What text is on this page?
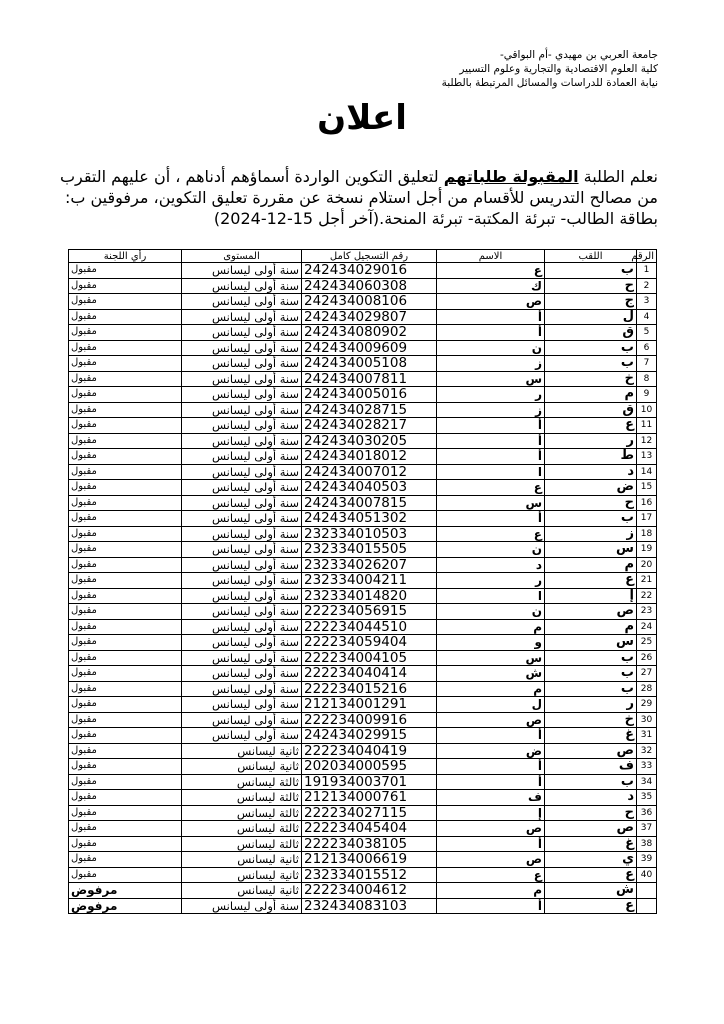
جامعة العربي بن مهيدي -أم البواقي-
كلية العلوم الاقتصادية والتجارية وعلوم التسيير
نيابة العمادة للدراسات والمسائل المرتبطة بالطلبة
اعلان
نعلم الطلبة المقبولة طلباتهم لتعليق التكوين الواردة أسماؤهم أدناهم ، أن عليهم التقرب من مصالح التدريس للأقسام من أجل استلام نسخة عن مقررة تعليق التكوين، مرفوقين ب: بطاقة الطالب- تبرئة المكتبة- تبرئة المنحة.(آخر أجل 15-12-2024)
الرقم	اللقب	الاسم	رقم التسجيل كامل	المستوى	رأي اللجنة
1	ب	ع	242434029016	سنة أولى ليسانس	مقبول
2	ح	ك	242434060308	سنة أولى ليسانس	مقبول
3	ج	ص	242434008106	سنة أولى ليسانس	مقبول
4	ل	أ	242434029807	سنة أولى ليسانس	مقبول
5	ق	أ	242434080902	سنة أولى ليسانس	مقبول
6	ب	ن	242434009609	سنة أولى ليسانس	مقبول
7	ب	ز	242434005108	سنة أولى ليسانس	مقبول
8	خ	س	242434007811	سنة أولى ليسانس	مقبول
9	م	ر	242434005016	سنة أولى ليسانس	مقبول
10	ق	ز	242434028715	سنة أولى ليسانس	مقبول
11	ع	أ	242434028217	سنة أولى ليسانس	مقبول
12	ر	أ	242434030205	سنة أولى ليسانس	مقبول
13	ط	أ	242434018012	سنة أولى ليسانس	مقبول
14	د	ا	242434007012	سنة أولى ليسانس	مقبول
15	ض	ع	242434040503	سنة أولى ليسانس	مقبول
16	ح	س	242434007815	سنة أولى ليسانس	مقبول
17	ب	أ	242434051302	سنة أولى ليسانس	مقبول
18	ز	ع	232334010503	سنة أولى ليسانس	مقبول
19	س	ن	232334015505	سنة أولى ليسانس	مقبول
20	م	د	232334026207	سنة أولى ليسانس	مقبول
21	ع	ر	232334004211	سنة أولى ليسانس	مقبول
22	إ	ا	232334014820	سنة أولى ليسانس	مقبول
23	ص	ن	222234056915	سنة أولى ليسانس	مقبول
24	م	م	222234044510	سنة أولى ليسانس	مقبول
25	س	و	222234059404	سنة أولى ليسانس	مقبول
26	ب	س	222234004105	سنة أولى ليسانس	مقبول
27	ب	ش	222234040414	سنة أولى ليسانس	مقبول
28	ب	م	222234015216	سنة أولى ليسانس	مقبول
29	ر	ل	212134001291	سنة أولى ليسانس	مقبول
30	خ	ص	222234009916	سنة أولى ليسانس	مقبول
31	غ	أ	242434029915	سنة أولى ليسانس	مقبول
32	ص	ض	222234040419	ثانية ليسانس	مقبول
33	ف	أ	202034000595	ثانية ليسانس	مقبول
34	ب	أ	191934003701	ثالثة ليسانس	مقبول
35	د	ف	212134000761	ثالثة ليسانس	مقبول
36	ح	إ	222234027115	ثالثة ليسانس	مقبول
37	ص	ص	222234045404	ثالثة ليسانس	مقبول
38	غ	أ	222234038105	ثالثة ليسانس	مقبول
39	ي	ص	212134006619	ثانية ليسانس	مقبول
40	ع	ع	232334015512	ثانية ليسانس	مقبول
	ش	م	222234004612	ثانية ليسانس	مرفوض
	ع	أ	232434083103	سنة أولى ليسانس	مرفوض
